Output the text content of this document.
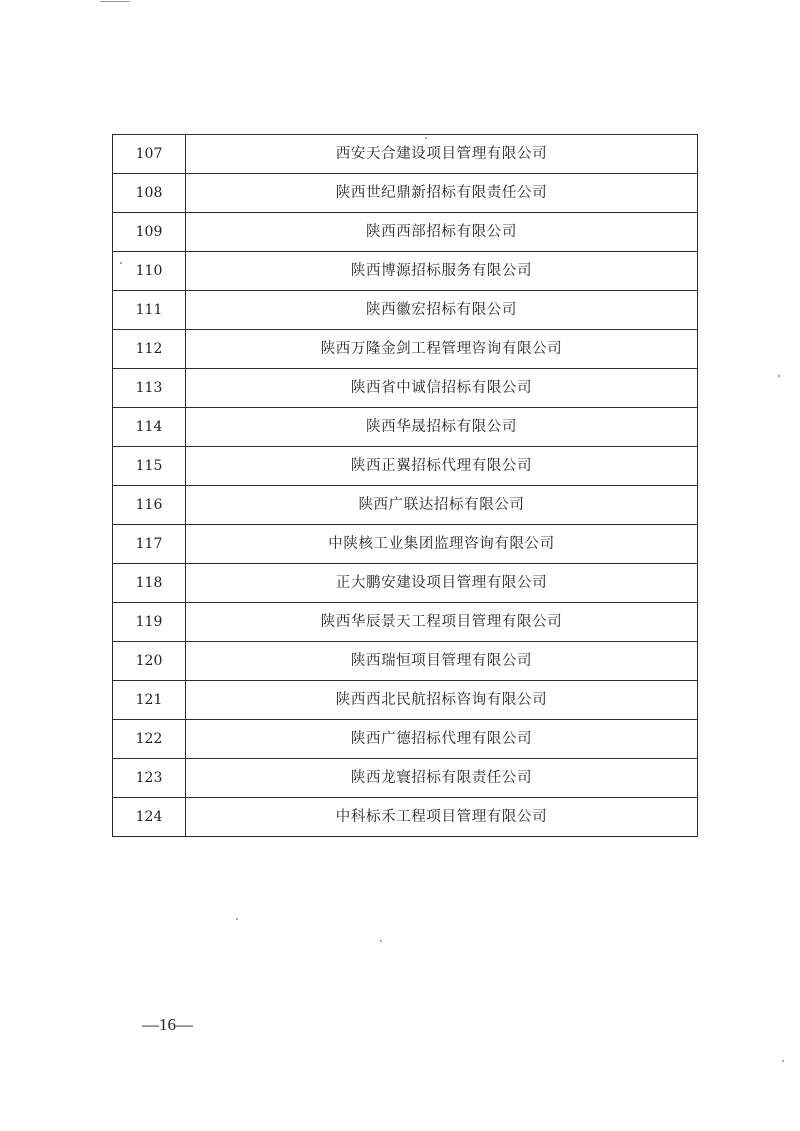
107	西安天合建设项目管理有限公司
108	陕西世纪鼎新招标有限责任公司
109	陕西西部招标有限公司
110	陕西博源招标服务有限公司
111	陕西徽宏招标有限公司
112	陕西万隆金剑工程管理咨询有限公司
113	陕西省中诚信招标有限公司
114	陕西华晟招标有限公司
115	陕西正翼招标代理有限公司
116	陕西广联达招标有限公司
117	中陕核工业集团监理咨询有限公司
118	正大鹏安建设项目管理有限公司
119	陕西华辰景天工程项目管理有限公司
120	陕西瑞恒项目管理有限公司
121	陕西西北民航招标咨询有限公司
122	陕西广德招标代理有限公司
123	陕西龙寰招标有限责任公司
124	中科标禾工程项目管理有限公司
—16—
